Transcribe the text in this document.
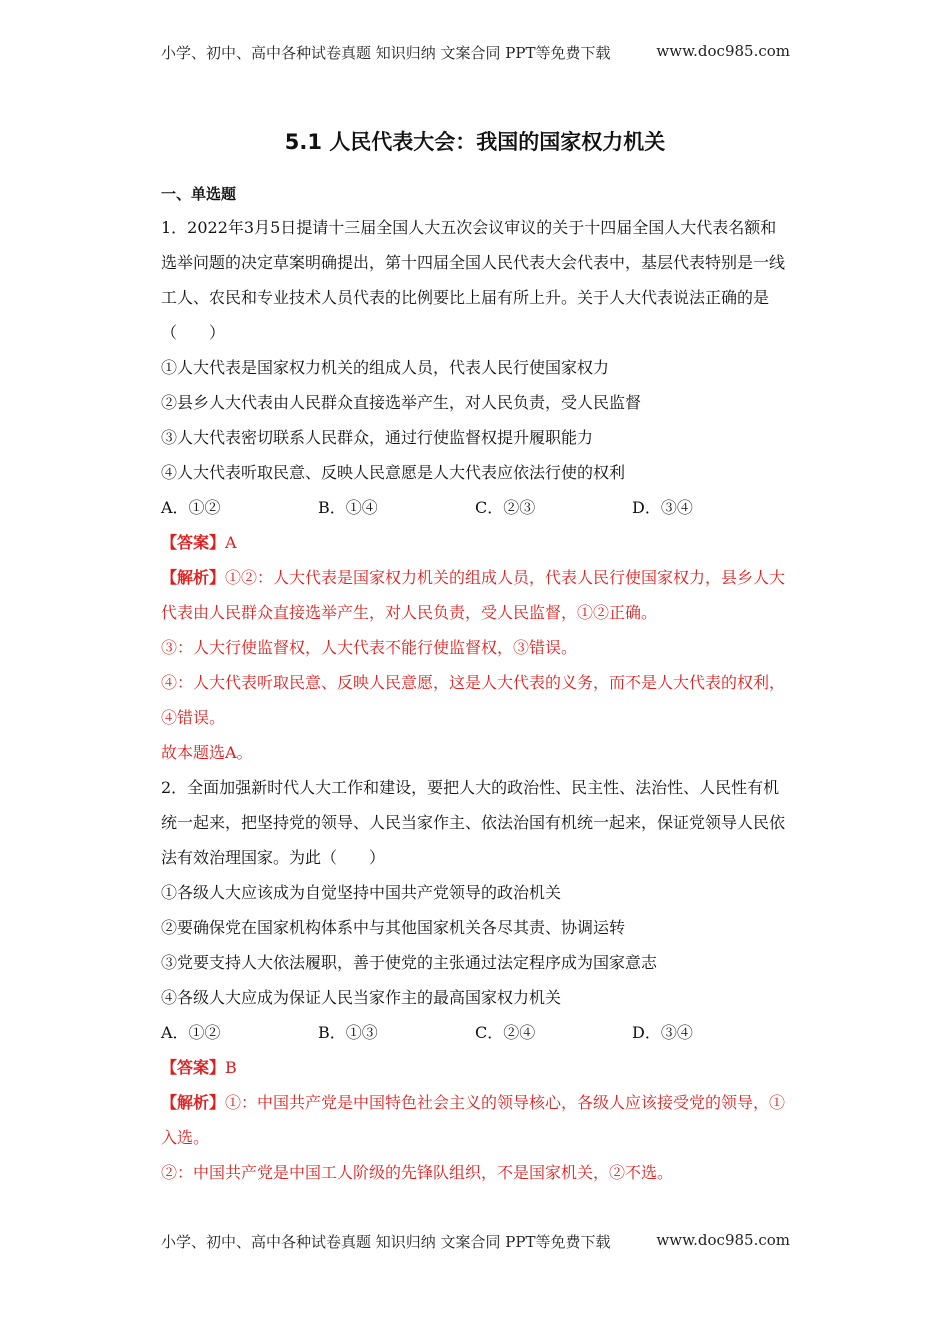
小学、初中、高中各种试卷真题 知识归纳 文案合同 PPT等免费下载	www.doc985.com
5.1 人民代表大会：我国的国家权力机关
一、单选题

1．2022年3月5日提请十三届全国人大五次会议审议的关于十四届全国人大代表名额和选举问题的决定草案明确提出，第十四届全国人民代表大会代表中，基层代表特别是一线工人、农民和专业技术人员代表的比例要比上届有所上升。关于人大代表说法正确的是（　　）

①人大代表是国家权力机关的组成人员，代表人民行使国家权力

②县乡人大代表由人民群众直接选举产生，对人民负责，受人民监督

③人大代表密切联系人民群众，通过行使监督权提升履职能力

④人大代表听取民意、反映人民意愿是人大代表应依法行使的权利

A．①②	B．①④	C．②③	D．③④

【答案】A

【解析】①②：人大代表是国家权力机关的组成人员，代表人民行使国家权力，县乡人大代表由人民群众直接选举产生，对人民负责，受人民监督，①②正确。

③：人大行使监督权，人大代表不能行使监督权，③错误。

④：人大代表听取民意、反映人民意愿，这是人大代表的义务，而不是人大代表的权利，④错误。

故本题选A。

2．全面加强新时代人大工作和建设，要把人大的政治性、民主性、法治性、人民性有机统一起来，把坚持党的领导、人民当家作主、依法治国有机统一起来，保证党领导人民依法有效治理国家。为此（　　）

①各级人大应该成为自觉坚持中国共产党领导的政治机关

②要确保党在国家机构体系中与其他国家机关各尽其责、协调运转

③党要支持人大依法履职，善于使党的主张通过法定程序成为国家意志

④各级人大应成为保证人民当家作主的最高国家权力机关

A．①②	B．①③	C．②④	D．③④

【答案】B

【解析】①：中国共产党是中国特色社会主义的领导核心，各级人应该接受党的领导，①入选。

②：中国共产党是中国工人阶级的先锋队组织，不是国家机关，②不选。

小学、初中、高中各种试卷真题 知识归纳 文案合同 PPT等免费下载	www.doc985.com
